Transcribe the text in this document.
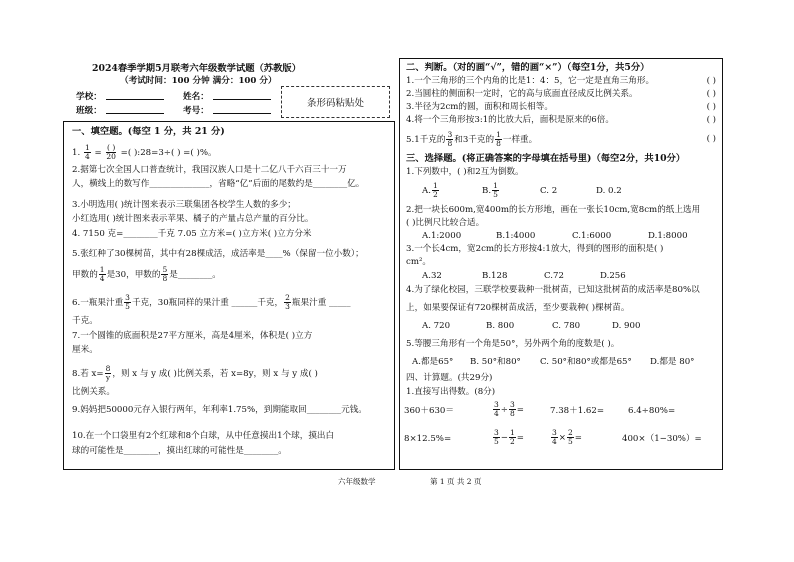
2024春季学期5月联考六年级数学试题（苏教版）
（考试时间：100 分钟 满分：100 分）
学校：	姓名：
班级：	考号：
条形码粘贴处
一、填空题。(每空 1 分，共 21 分)
1. $\frac{1}{4} = \frac{( )}{20}$ =( ):28=3÷( ) =( )%。
2.据第七次全国人口普查统计，我国汉族人口是十二亿八千六百三十一万
人，横线上的数写作______________，省略“亿”后面的尾数约是________亿。
3.小明选用( )统计图来表示三联集团各校学生人数的多少；
小红选用( )统计图来表示苹果、橘子的产量占总产量的百分比。
4. 7150 克=________千克 7.05 立方米=( )立方米( )立方分米
5.张红种了30棵树苗，其中有28棵成活，成活率是____%（保留一位小数）；
甲数的 $\frac{1}{4}$ 是30，甲数的 $\frac{5}{8}$ 是________。
6.一瓶果汁重 $\frac{3}{5}$ 千克，30瓶同样的果汁重 ______千克， $\frac{2}{3}$ 瓶果汁重 _____
千克。
7.一个圆锥的底面积是27平方厘米，高是4厘米，体积是( )立方
厘米。
8.若 $x= \frac{8}{y}$ ，则 x 与 y 成( )比例关系，若 x=8y，则 x 与 y 成( )
比例关系。
9.妈妈把50000元存入银行两年，年利率1.75%，到期能取回________元钱。
10.在一个口袋里有2个红球和8个白球，从中任意摸出1个球，摸出白
球的可能性是________，摸出红球的可能性是________。
二、判断。（对的画“√”，错的画“×”）（每空1分，共5分）
1.一个三角形的三个内角的比是1：4：5，它一定是直角三角形。	( )
2.当圆柱的侧面积一定时，它的高与底面直径成反比例关系。	( )
3.半径为2cm的圆，面积和周长相等。	( )
4.将一个三角形按3:1的比放大后，面积是原来的6倍。	( )
5.1千克的 $\frac{3}{8}$ 和3千克的 $\frac{1}{8}$ 一样重。	( )
三、选择题。(将正确答案的字母填在括号里)（每空2分，共10分）
1.下列数中，( )和2互为倒数。
A. $\frac{1}{2}$	B. $\frac{1}{5}$	C. 2	D. 0.2
2.把一块长600m,宽400m的长方形地，画在一张长10cm,宽8cm的纸上选用
( )比例尺比较合适。
A.1:2000	B.1:4000	C.1:6000	D.1:8000
3.一个长4cm，宽2cm的长方形按4:1放大，得到的图形的面积是( )
cm²。
A.32	B.128	C.72	D.256
4.为了绿化校园，三联学校要栽种一批树苗，已知这批树苗的成活率是80%以
上，如果要保证有720棵树苗成活，至少要栽种( )棵树苗。
A. 720	B. 800	C. 780	D. 900
5.等腰三角形有一个角是50°，另外两个角的度数是( )。
A.都是65° B. 50°和80° C. 50°和80°或都是65° D.都是 80°
四、计算题。(共29分)
1.直接写出得数。(8分)
360＋630＝	$\frac{3}{4} \div \frac{3}{8}$ =	7.38＋1.62=	6.4÷80%=
8×12.5%=	$\frac{3}{5} - \frac{1}{2}$ =	$\frac{3}{4} \times \frac{2}{5}$ =	400×（1−30%）=
六年级数学	第 1 页 共 2 页
